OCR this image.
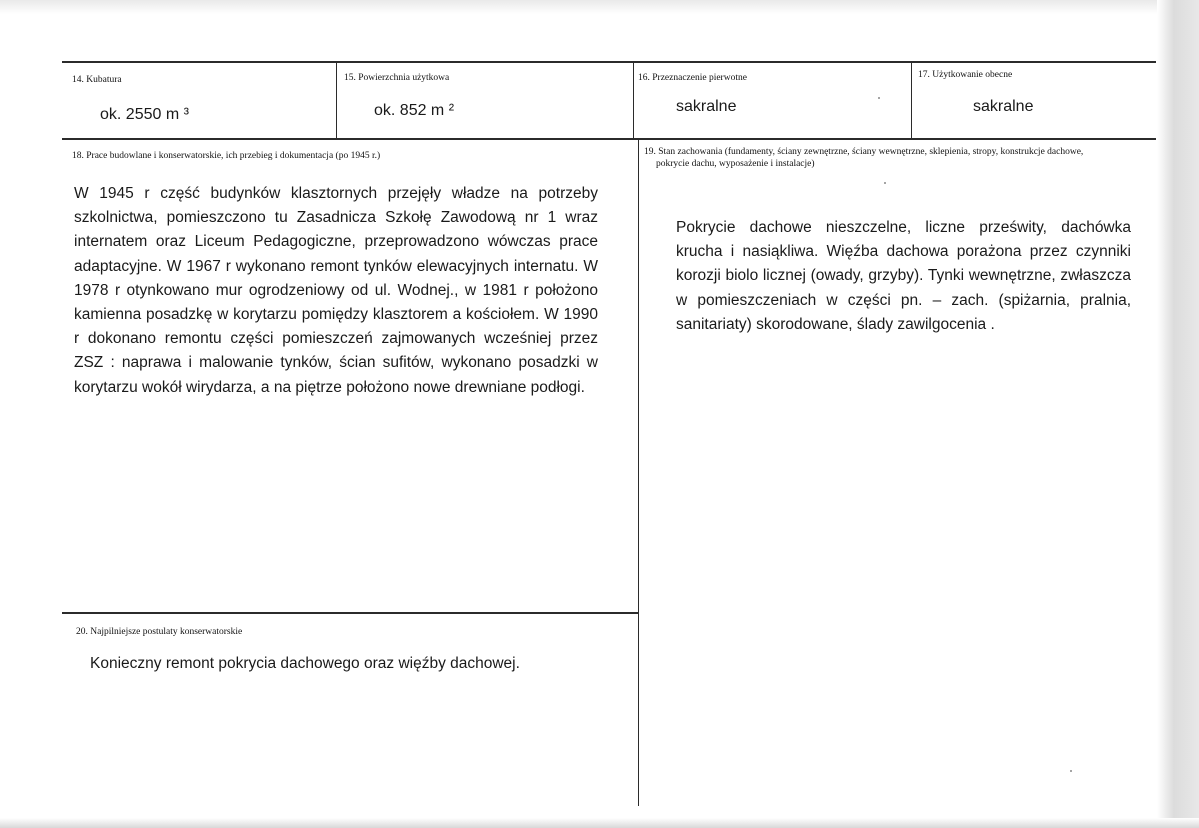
14. Kubatura
ok. 2550 m ³
15. Powierzchnia użytkowa
ok. 852 m ²
16. Przeznaczenie pierwotne
sakralne
17. Użytkowanie obecne
sakralne
18. Prace budowlane i konserwatorskie, ich przebieg i dokumentacja (po 1945 r.)
W 1945 r część budynków klasztornych przejęły władze na potrzeby szkolnictwa, pomieszczono tu Zasadnicza Szkołę Zawodową nr 1 wraz internatem oraz Liceum Pedagogiczne, przeprowadzono wówczas prace adaptacyjne. W 1967 r wykonano remont tynków elewacyjnych internatu. W 1978 r otynkowano mur ogrodzeniowy od ul. Wodnej., w 1981 r położono kamienna posadzkę w korytarzu pomiędzy klasztorem a kościołem. W 1990 r dokonano remontu części pomieszczeń zajmowanych wcześniej przez ZSZ : naprawa i malowanie tynków, ścian sufitów, wykonano posadzki w korytarzu wokół wirydarza, a na piętrze położono nowe drewniane podłogi.
19. Stan zachowania (fundamenty, ściany zewnętrzne, ściany wewnętrzne, sklepienia, stropy, konstrukcje dachowe,
pokrycie dachu, wyposażenie i instalacje)
Pokrycie dachowe nieszczelne, liczne prześwity, dachówka krucha i nasiąkliwa. Więźba dachowa porażona przez czynniki korozji biolo licznej (owady, grzyby). Tynki wewnętrzne, zwłaszcza w pomieszczeniach w części pn. – zach. (spiżarnia, pralnia, sanitariaty) skorodowane, ślady zawilgocenia .
20. Najpilniejsze postulaty konserwatorskie
Konieczny remont pokrycia dachowego oraz więźby dachowej.
